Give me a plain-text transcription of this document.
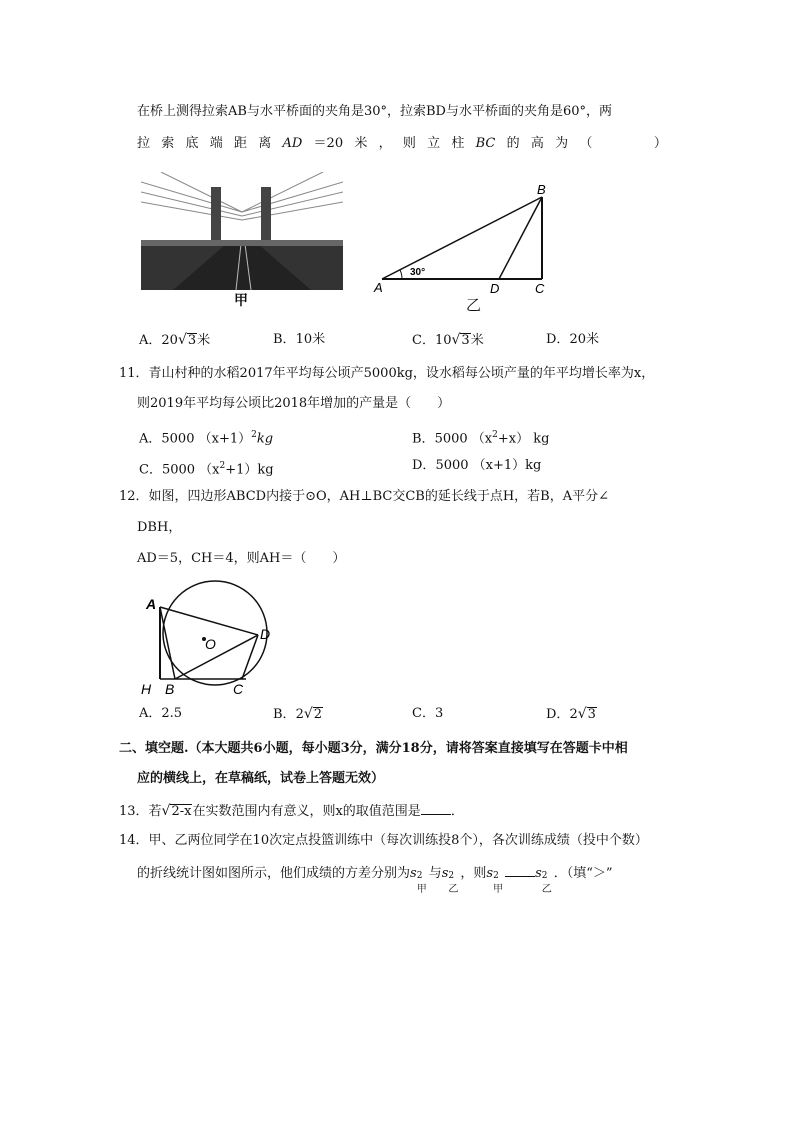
在桥上测得拉索AB与水平桥面的夹角是30°，拉索BD与水平桥面的夹角是60°，两
拉 索 底 端 距 离 AD ＝20 米 ， 则 立 柱 BC 的 高 为 （
　　　	）
甲
30°
B
A	D	C
乙
A．20√3米	B．10米	C．10√3米	D．20米
11．青山村种的水稻2017年平均每公顷产5000kg，设水稻每公顷产量的年平均增长率为x，
则2019年平均每公顷比2018年增加的产量是（　　）
A．5000 $(x+1)^2kg$	B．5000 $(x^2+x)$ kg
C．5000 $(x^2+1)kg$	D．5000 （x+1）kg
12．如图，四边形ABCD内接于⊙O，AH⊥BC交CB的延长线于点H，若B，A平分∠
DBH，
AD＝5，CH＝4，则AH＝（　　）
A
O
D
H B	C
A．2.5	B．2√2	C．3	D．2√3
二、填空题.（本大题共6小题，每小题3分，满分18分，请将答案直接填写在答题卡中相
应的横线上，在草稿纸，试卷上答题无效）
13．若√2-x在实数范围内有意义，则x的取值范围是 ．
14．甲、乙两位同学在10次定点投篮训练中（每次训练投8个），各次训练成绩（投中个数）
的折线统计图如图所示，他们成绩的方差分别为s 2
甲
与s 2
乙
，则s 2
甲
s 2
乙
．（填“＞”
